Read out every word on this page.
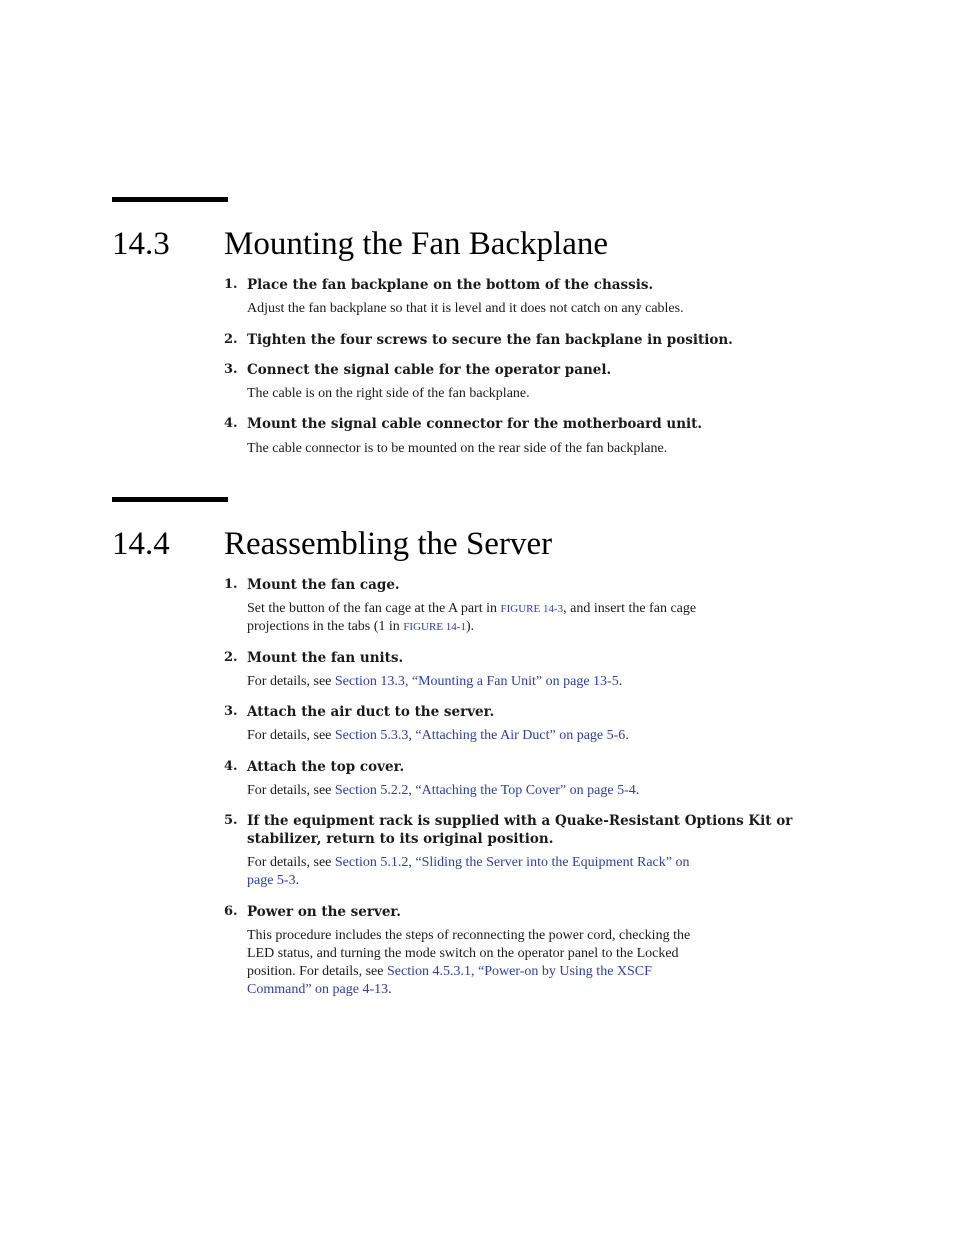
14.3 Mounting the Fan Backplane
1. Place the fan backplane on the bottom of the chassis.
Adjust the fan backplane so that it is level and it does not catch on any cables.
2. Tighten the four screws to secure the fan backplane in position.
3. Connect the signal cable for the operator panel.
The cable is on the right side of the fan backplane.
4. Mount the signal cable connector for the motherboard unit.
The cable connector is to be mounted on the rear side of the fan backplane.
14.4 Reassembling the Server
1. Mount the fan cage.
Set the button of the fan cage at the A part in FIGURE 14-3, and insert the fan cage
projections in the tabs (1 in FIGURE 14-1).
2. Mount the fan units.
For details, see Section 13.3, “Mounting a Fan Unit” on page 13-5.
3. Attach the air duct to the server.
For details, see Section 5.3.3, “Attaching the Air Duct” on page 5-6.
4. Attach the top cover.
For details, see Section 5.2.2, “Attaching the Top Cover” on page 5-4.
5. If the equipment rack is supplied with a Quake-Resistant Options Kit or
stabilizer, return to its original position.
For details, see Section 5.1.2, “Sliding the Server into the Equipment Rack” on
page 5-3.
6. Power on the server.
This procedure includes the steps of reconnecting the power cord, checking the
LED status, and turning the mode switch on the operator panel to the Locked
position. For details, see Section 4.5.3.1, “Power-on by Using the XSCF
Command” on page 4-13.
